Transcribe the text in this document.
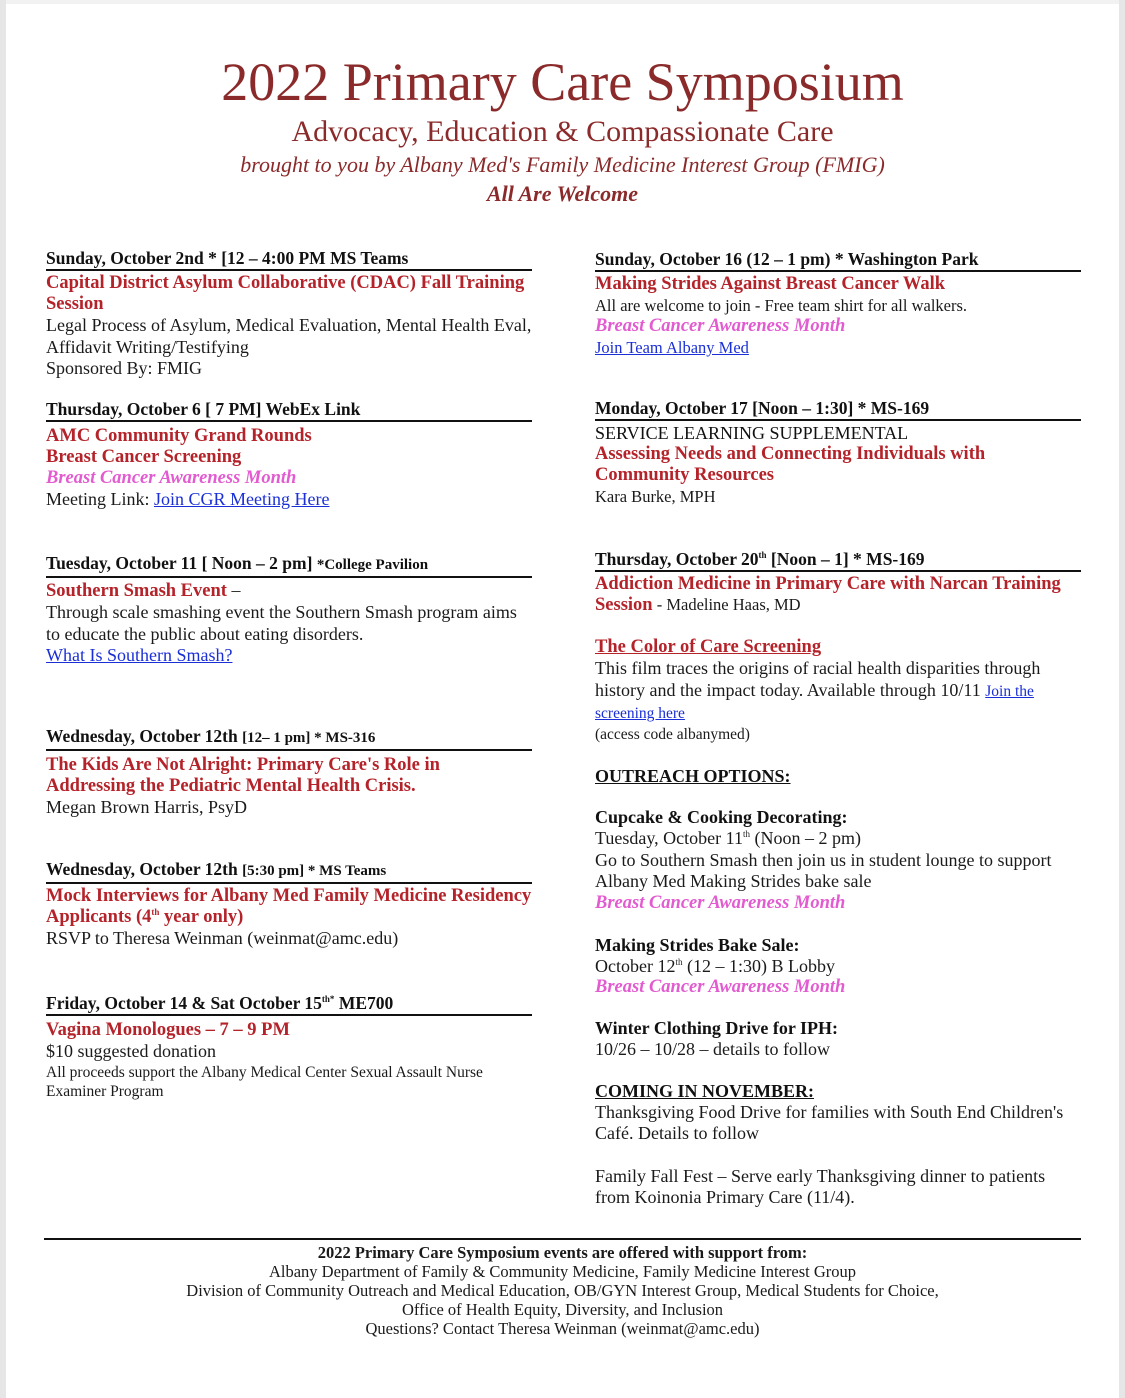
2022 Primary Care Symposium
Advocacy, Education & Compassionate Care
brought to you by Albany Med's Family Medicine Interest Group (FMIG)
All Are Welcome
Sunday, October 2nd * [12 – 4:00 PM MS Teams
Capital District Asylum Collaborative (CDAC) Fall Training Session
Legal Process of Asylum, Medical Evaluation, Mental Health Eval, Affidavit Writing/Testifying
Sponsored By: FMIG
Thursday, October 6 [ 7 PM] WebEx Link
AMC Community Grand Rounds
Breast Cancer Screening
Breast Cancer Awareness Month
Meeting Link: Join CGR Meeting Here
Tuesday, October 11 [ Noon – 2 pm] *College Pavilion
Southern Smash Event –
Through scale smashing event the Southern Smash program aims to educate the public about eating disorders.
What Is Southern Smash?
Wednesday, October 12th [12– 1 pm] * MS-316
The Kids Are Not Alright: Primary Care's Role in Addressing the Pediatric Mental Health Crisis.
Megan Brown Harris, PsyD
Wednesday, October 12th [5:30 pm] * MS Teams
Mock Interviews for Albany Med Family Medicine Residency Applicants (4th year only)
RSVP to Theresa Weinman (weinmat@amc.edu)
Friday, October 14 & Sat October $15^{th*}$ ME700
Vagina Monologues – 7 – 9 PM
$10 suggested donation
All proceeds support the Albany Medical Center Sexual Assault Nurse Examiner Program
Sunday, October 16 (12 – 1 pm) * Washington Park
Making Strides Against Breast Cancer Walk
All are welcome to join - Free team shirt for all walkers.
Breast Cancer Awareness Month
Join Team Albany Med
Monday, October 17 [Noon – 1:30] * MS-169
SERVICE LEARNING SUPPLEMENTAL
Assessing Needs and Connecting Individuals with Community Resources
Kara Burke, MPH
Thursday, October 20th [Noon – 1] * MS-169
Addiction Medicine in Primary Care with Narcan Training Session - Madeline Haas, MD
The Color of Care Screening
This film traces the origins of racial health disparities through history and the impact today. Available through 10/11 Join the screening here
(access code albanymed)
OUTREACH OPTIONS:
Cupcake & Cooking Decorating:
Tuesday, October 11th (Noon – 2 pm)
Go to Southern Smash then join us in student lounge to support Albany Med Making Strides bake sale
Breast Cancer Awareness Month
Making Strides Bake Sale:
October 12th (12 – 1:30) B Lobby
Breast Cancer Awareness Month
Winter Clothing Drive for IPH:
10/26 – 10/28 – details to follow
COMING IN NOVEMBER:
Thanksgiving Food Drive for families with South End Children's Café. Details to follow
Family Fall Fest – Serve early Thanksgiving dinner to patients from Koinonia Primary Care (11/4).
2022 Primary Care Symposium events are offered with support from:
Albany Department of Family & Community Medicine, Family Medicine Interest Group
Division of Community Outreach and Medical Education, OB/GYN Interest Group, Medical Students for Choice,
Office of Health Equity, Diversity, and Inclusion
Questions? Contact Theresa Weinman (weinmat@amc.edu)
